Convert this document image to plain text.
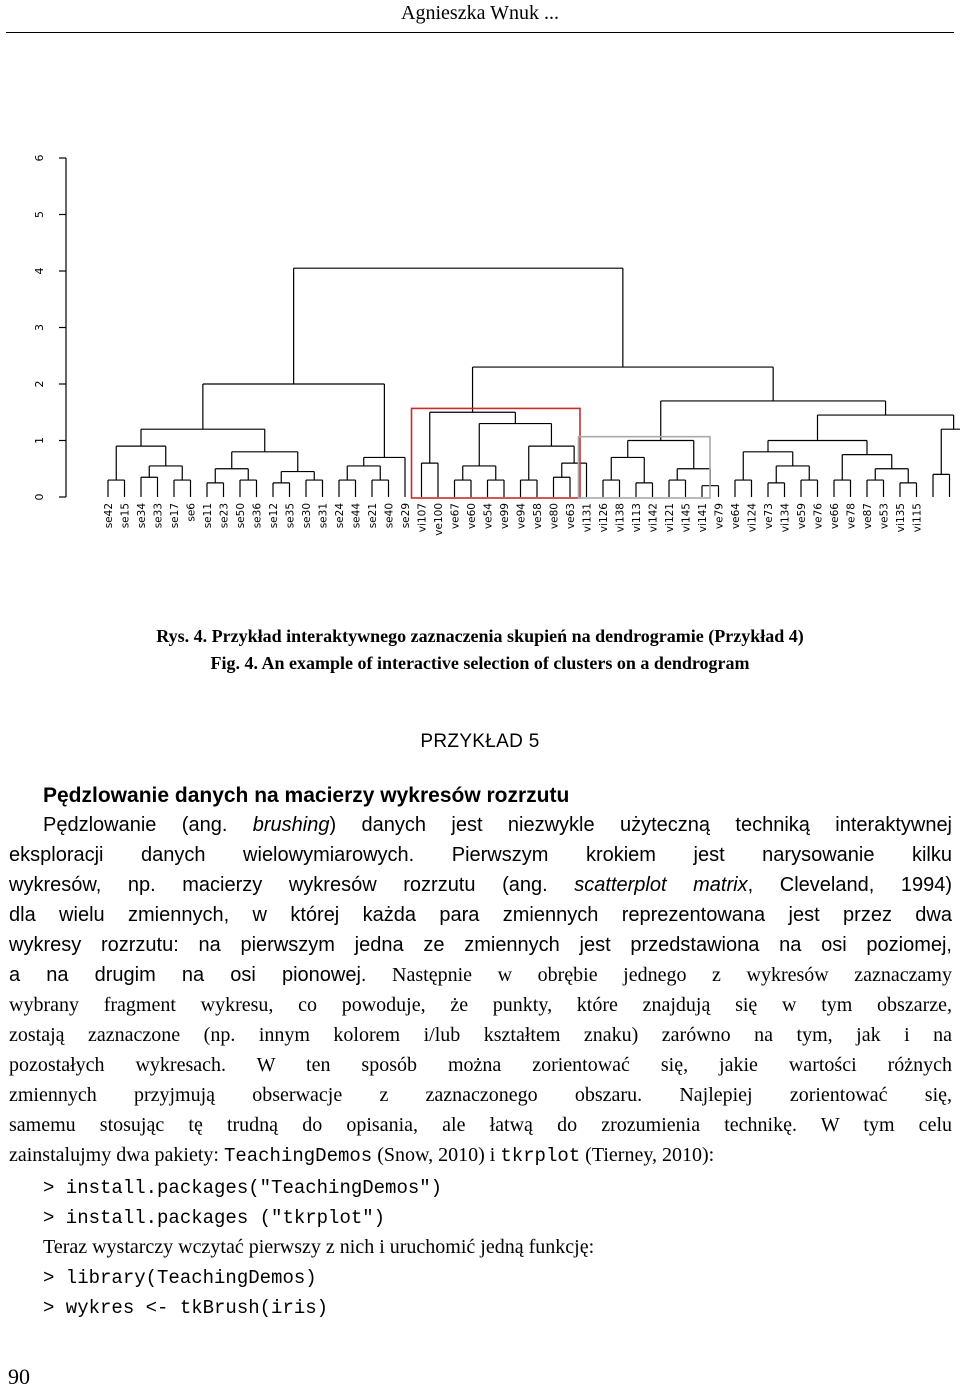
Agnieszka Wnuk ...
0
1
2
3
4
5
6
se42 se15 se34 se33 se17 se6 se11 se23 se50 se36 se12 se35 se30 se31 se24 se44 se21 se40 se29 vi107 ve100 ve67 ve60 ve54 ve99 ve94 ve58 ve80 ve63 vi131 vi126 vi138 vi113 vi142 vi121 vi145 vi141 ve79 ve64 vi124 ve73 vi134 ve59 ve76 ve66 ve78 ve87 ve53 vi135 vi115
Rys. 4. Przykład interaktywnego zaznaczenia skupień na dendrogramie (Przykład 4)
Fig. 4. An example of interactive selection of clusters on a dendrogram
PRZYKŁAD 5
Pędzlowanie danych na macierzy wykresów rozrzutu
Pędzlowanie (ang. brushing) danych jest niezwykle użyteczną techniką interaktywnej
eksploracji danych wielowymiarowych. Pierwszym krokiem jest narysowanie kilku
wykresów, np. macierzy wykresów rozrzutu (ang. scatterplot matrix, Cleveland, 1994)
dla wielu zmiennych, w której każda para zmiennych reprezentowana jest przez dwa
wykresy rozrzutu: na pierwszym jedna ze zmiennych jest przedstawiona na osi poziomej,
a na drugim na osi pionowej. Następnie w obrębie jednego z wykresów zaznaczamy
wybrany fragment wykresu, co powoduje, że punkty, które znajdują się w tym obszarze,
zostają zaznaczone (np. innym kolorem i/lub kształtem znaku) zarówno na tym, jak i na
pozostałych wykresach. W ten sposób można zorientować się, jakie wartości różnych
zmiennych przyjmują obserwacje z zaznaczonego obszaru. Najlepiej zorientować się,
samemu stosując tę trudną do opisania, ale łatwą do zrozumienia technikę. W tym celu
zainstalujmy dwa pakiety: TeachingDemos (Snow, 2010) i tkrplot (Tierney, 2010):
> install.packages("TeachingDemos")
> install.packages ("tkrplot")
Teraz wystarczy wczytać pierwszy z nich i uruchomić jedną funkcję:
> library(TeachingDemos)
> wykres <- tkBrush(iris)
90
